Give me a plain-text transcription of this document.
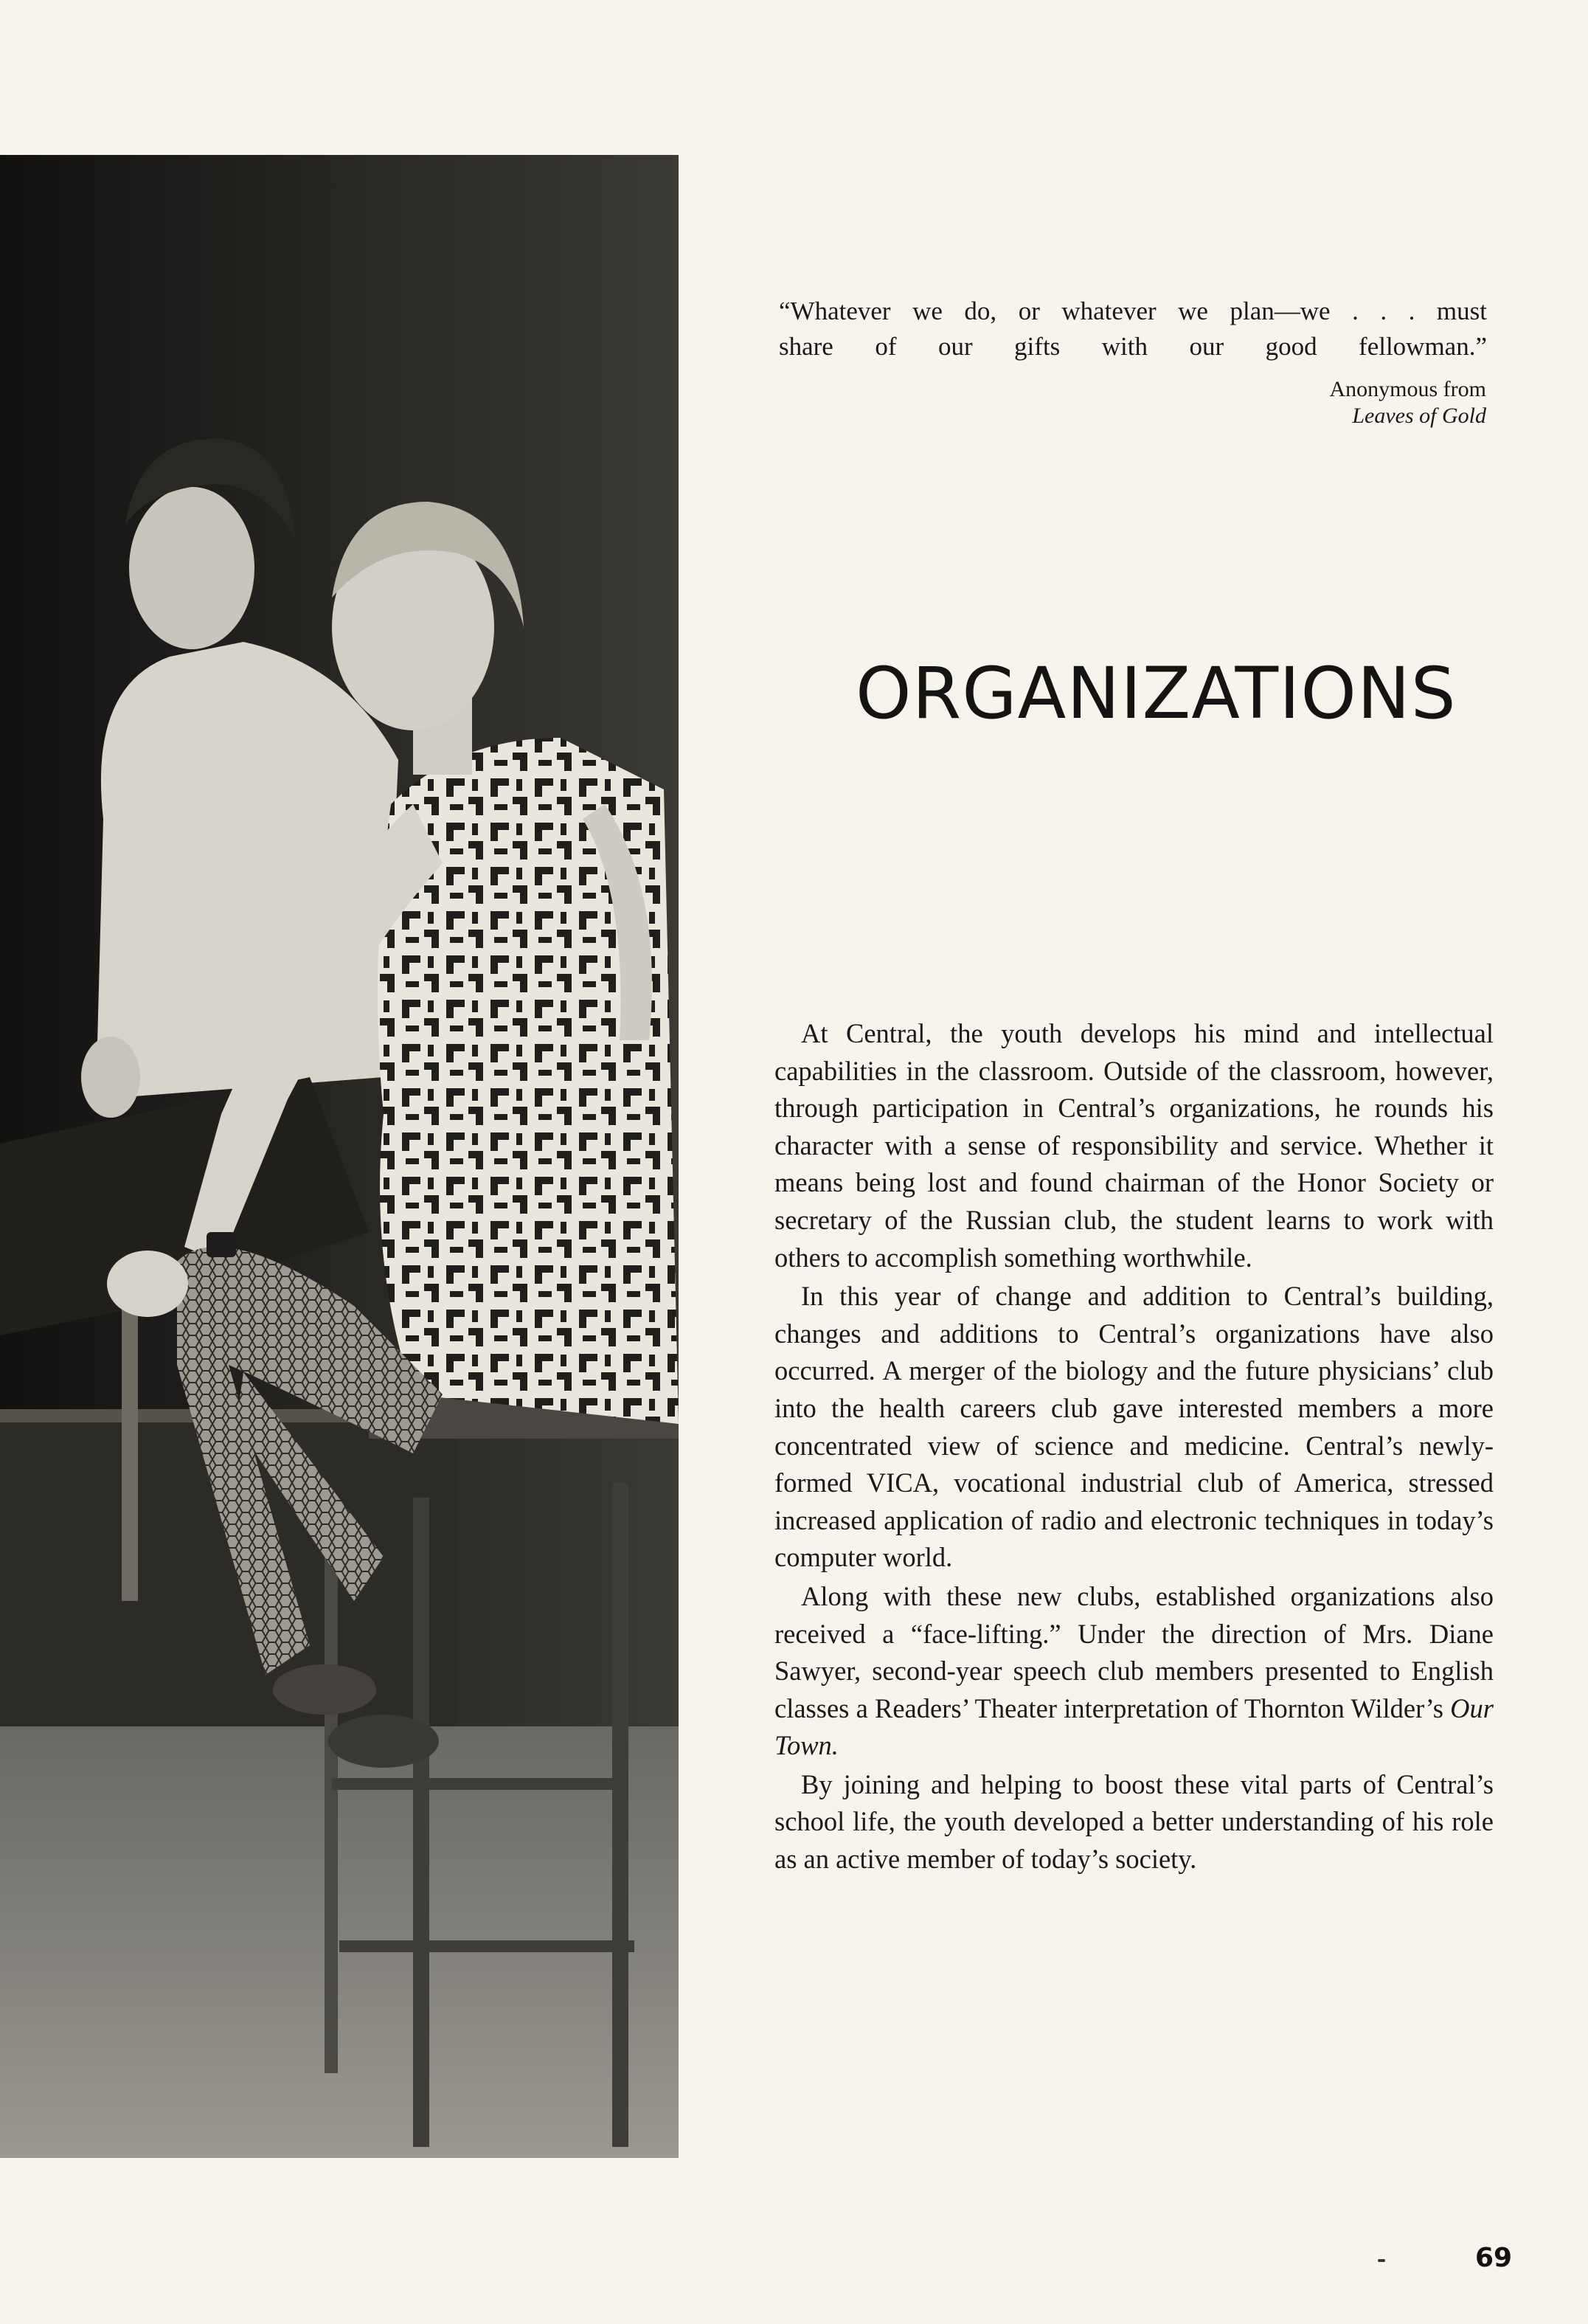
“Whatever we do, or whatever we plan—we . . . must

share of our gifts with our good fellowman.”

Anonymous from
Leaves of Gold
ORGANIZATIONS

At Central, the youth develops his mind and intellectual capabilities in the classroom. Outside of the classroom, however, through participation in Central’s organizations, he rounds his character with a sense of responsibility and service. Whether it means being lost and found chairman of the Honor Society or secretary of the Russian club, the student learns to work with others to accomplish something worthwhile.

In this year of change and addition to Central’s building, changes and additions to Central’s organizations have also occurred. A merger of the biology and the future physicians’ club into the health careers club gave interested members a more concentrated view of science and medicine. Central’s newly-formed VICA, vocational industrial club of America, stressed increased application of radio and electronic techniques in today’s computer world.

Along with these new clubs, established organizations also received a “face-lifting.” Under the direction of Mrs. Diane Sawyer, second-year speech club members presented to English classes a Readers’ Theater interpretation of Thornton Wilder’s Our Town.

By joining and helping to boost these vital parts of Central’s school life, the youth developed a better understanding of his role as an active member of today’s society.

69
